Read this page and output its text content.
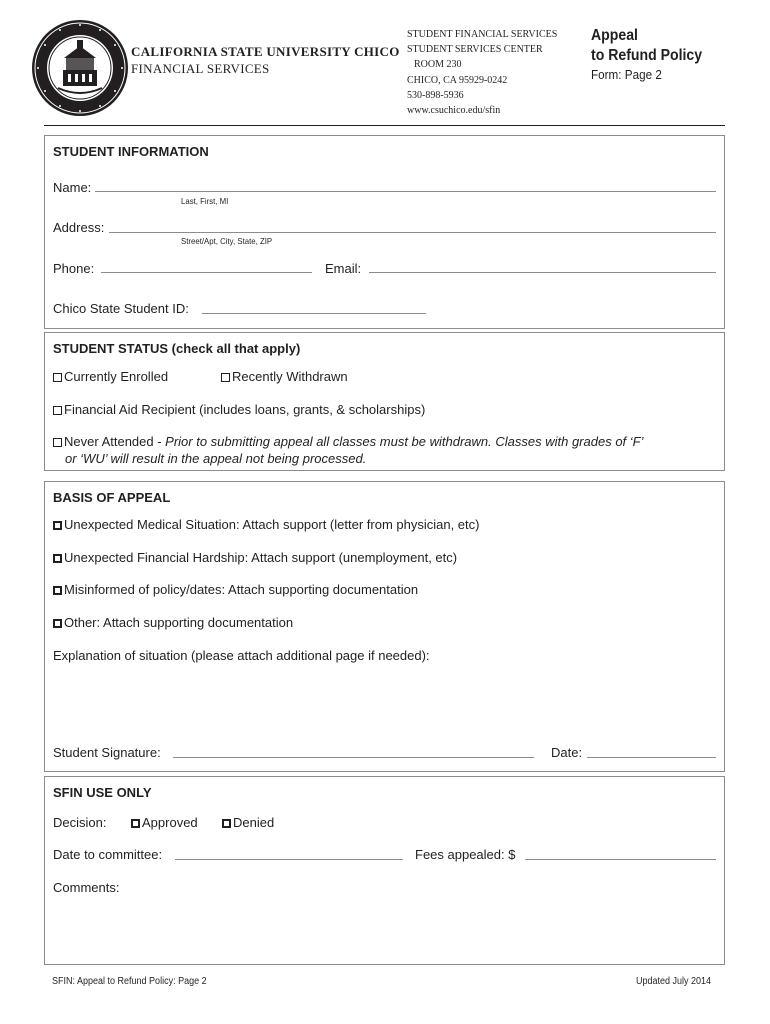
CALIFORNIA STATE UNIVERSITY CHICO
FINANCIAL SERVICES
STUDENT FINANCIAL SERVICES
STUDENT SERVICES CENTER
ROOM 230
CHICO, CA 95929-0242
530-898-5936
www.csuchico.edu/sfin
Appeal
to Refund Policy
Form: Page 2
STUDENT INFORMATION
Name:
Last, First, MI
Address:
Street/Apt, City, State, ZIP
Phone:	Email:
Chico State Student ID:
STUDENT STATUS (check all that apply)
Currently Enrolled	Recently Withdrawn
Financial Aid Recipient (includes loans, grants, & scholarships)
Never Attended - Prior to submitting appeal all classes must be withdrawn. Classes with grades of ‘F’
or ‘WU’ will result in the appeal not being processed.
BASIS OF APPEAL
Unexpected Medical Situation: Attach support (letter from physician, etc)
Unexpected Financial Hardship: Attach support (unemployment, etc)
Misinformed of policy/dates: Attach supporting documentation
Other: Attach supporting documentation
Explanation of situation (please attach additional page if needed):
Student Signature:	Date:
SFIN USE ONLY
Decision:	Approved	Denied
Date to committee:	Fees appealed: $
Comments:
SFIN: Appeal to Refund Policy: Page 2	Updated July 2014
